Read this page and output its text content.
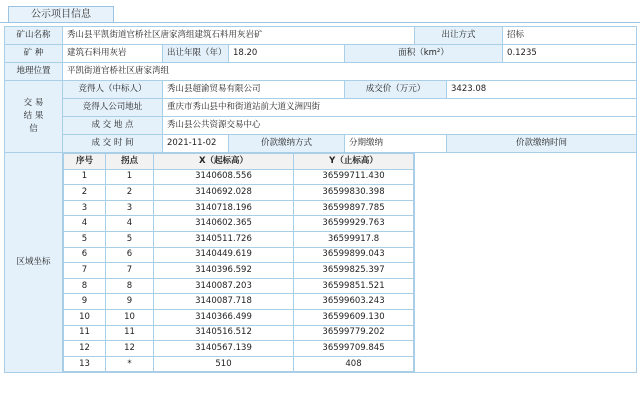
公示项目信息
矿山名称	秀山县平凯街道官桥社区唐家湾组建筑石料用灰岩矿	出让方式	招标
矿 种	建筑石料用灰岩	出让年限（年）	18.20	面积（km²）	0.1235
地理位置	平凯街道官桥社区唐家湾组

交 易
结 果
信
	竞得人（中标人）	秀山县超渝贸易有限公司	成交价（万元）	3423.08
竞得人公司地址	重庆市秀山县中和街道站前大道义洲四街
成 交 地 点	秀山县公共资源交易中心
成 交 时 间	2021-11-02	价款缴纳方式	分期缴纳	价款缴纳时间	
区域坐标	
序号	拐点	X（起标高）	Y（止标高）
1	1	3140608.556	36599711.430
2	2	3140692.028	36599830.398
3	3	3140718.196	36599897.785
4	4	3140602.365	36599929.763
5	5	3140511.726	36599917.8
6	6	3140449.619	36599899.043
7	7	3140396.592	36599825.397
8	8	3140087.203	36599851.521
9	9	3140087.718	36599603.243
10	10	3140366.499	36599609.130
11	11	3140516.512	36599779.202
12	12	3140567.139	36599709.845
13	*	510	408
